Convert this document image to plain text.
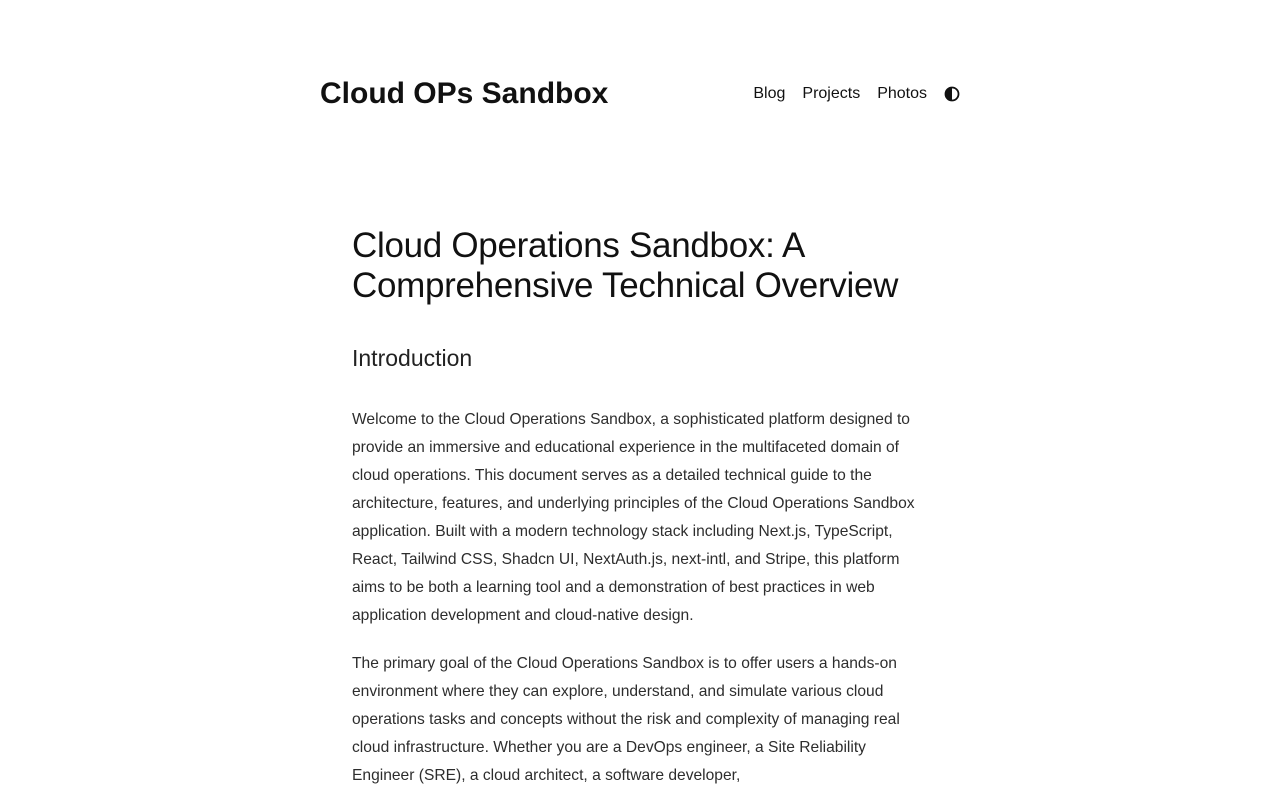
Cloud OPs Sandbox	Blog Projects Photos
Cloud Operations Sandbox: A Comprehensive Technical Overview
Introduction

Welcome to the Cloud Operations Sandbox, a sophisticated platform designed to provide an immersive and educational experience in the multifaceted domain of cloud operations. This document serves as a detailed technical guide to the architecture, features, and underlying principles of the Cloud Operations Sandbox application. Built with a modern technology stack including Next.js, TypeScript, React, Tailwind CSS, Shadcn UI, NextAuth.js, next-intl, and Stripe, this platform aims to be both a learning tool and a demonstration of best practices in web application development and cloud-native design.

The primary goal of the Cloud Operations Sandbox is to offer users a hands-on environment where they can explore, understand, and simulate various cloud operations tasks and concepts without the risk and complexity of managing real cloud infrastructure. Whether you are a DevOps engineer, a Site Reliability Engineer (SRE), a cloud architect, a software developer,
